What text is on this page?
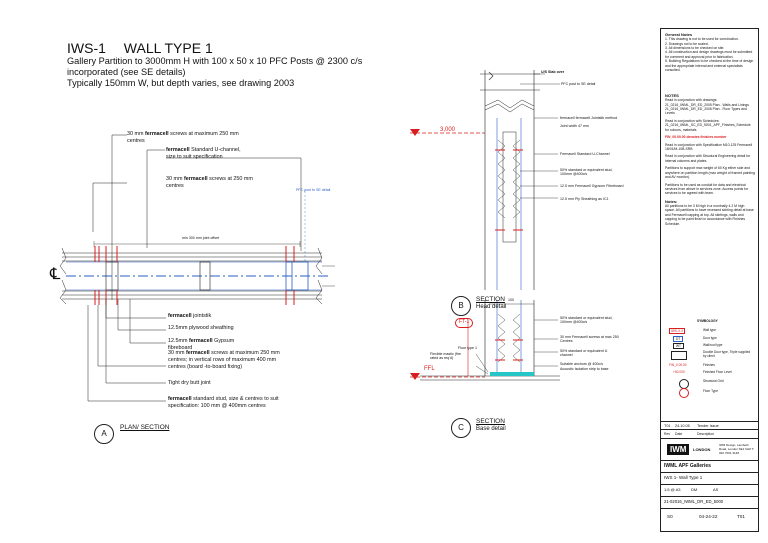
IWS-1 WALL TYPE 1
Gallery Partition to 3000mm H with 100 x 50 x 10 PFC Posts @ 2300 c/s
incorporated (see SE details)
Typically 150mm W, but depth varies, see drawing 2003
30 mm fermacell screws at maximum 250 mm centres
fermacell Standard U-channel, size to suit specification
30 mm fermacell screws at 250 mm centres
min 300 mm joint offset
PFC post to SE detail
℄
fermacell jointstik
12.5mm plywood sheathing
12.5mm fermacell Gypsum fibreboard
30 mm fermacell screws at maximum 250 mm centres; in vertical rows of maximum 400 mm centres (board -to-board fixing)
Tight dry butt joint
fermacell standard stud, size & centres to suit specification: 100 mm @ 400mm centres
A
PLAN/ SECTION
U/S Slab over
PFC post to SE detail
fermacell fermacell Jointstik method
Joint width 47 mm
Fermacell Standard U-Channel
50% standard or equivalent stud, 100mm @400c/s
12.5 mm Fermacell Gypsum Fibreboard
12.5 mm Ply Sheathing as IC1
3,000
B
SECTION
Head detail
FT-1
FFL
100
50% standard or equivalent stud, 100mm @400c/s
30 mm Fermacell screws at max 250 Centres
50% standard or equivalent U channel
Suitable anchors @ 400c/s
Acoustic Isolation strip to base
Floor type 1
Flexible mastic (fire rated as req'd)
C
SECTION
Base detail
General Notes
1. This drawing is not to be used for construction.
2. Drawings not to be scaled.
3. All dimensions to be checked on site.
4. All construction and design drawings must be submitted for comment and approval prior to fabrication.
5. Building Regulations to be checked at the time of design and the appropriate internal and external specialists consulted.
NOTES
Read in conjunction with drawings: 21_0216_IWML_DR_ED_2005 Plan - Walls and Linings 21_0216_IWML_DR_ED_2006 Plan - Floor Types and Levels
Read in conjunction with Schedules: 21_0216_IWML_SC_ED_5001_APF_Finishes_Schedule for colours, materials
FIN_00.00.00 denotes finishes number
Read in conjunction with Specification M10-125 Fermacell 18/01/M-10B-SRB
Read in conjunction with Structural Engineering detail for internal columns and plates.
Partitions to support max weight of 60 Kg either side and anywhere on partition length (max weight of framed painting and AV monitor).
Partitions to be used as conduit for data and electrical services from above in services zone. Access points for services to be agreed with team.
Notes:
All partitions to be 3 M high in a nominally 4.2 M high space. All partitions to have recessed skirting detail at base and Fermacell capping at top. All skirtings, walls and capping to be paint finish in accordance with Finishes Schedule.
SYMBOLOGY
IWS-X.X	Wall type
DT	Door type
WT	Wall/roof type
Double Door type, Triple supplied by client
FIN_0.00.00	Finishes
+00.000	Finished Floor Level
Structural Grid
Floor Type
T01 24.10.05 Tender Issue
Rev Date	Description
IWM	LONDON
IWM Design, Lambeth Road, London SE1 6HZ T: 020 7091 3148
IWML APF Galleries
IWS 1- Wall Type 1
1:5 @ A3	DM	AS
21-02016_IWML_DR_ED_5000
S0	04-24-22	T01
